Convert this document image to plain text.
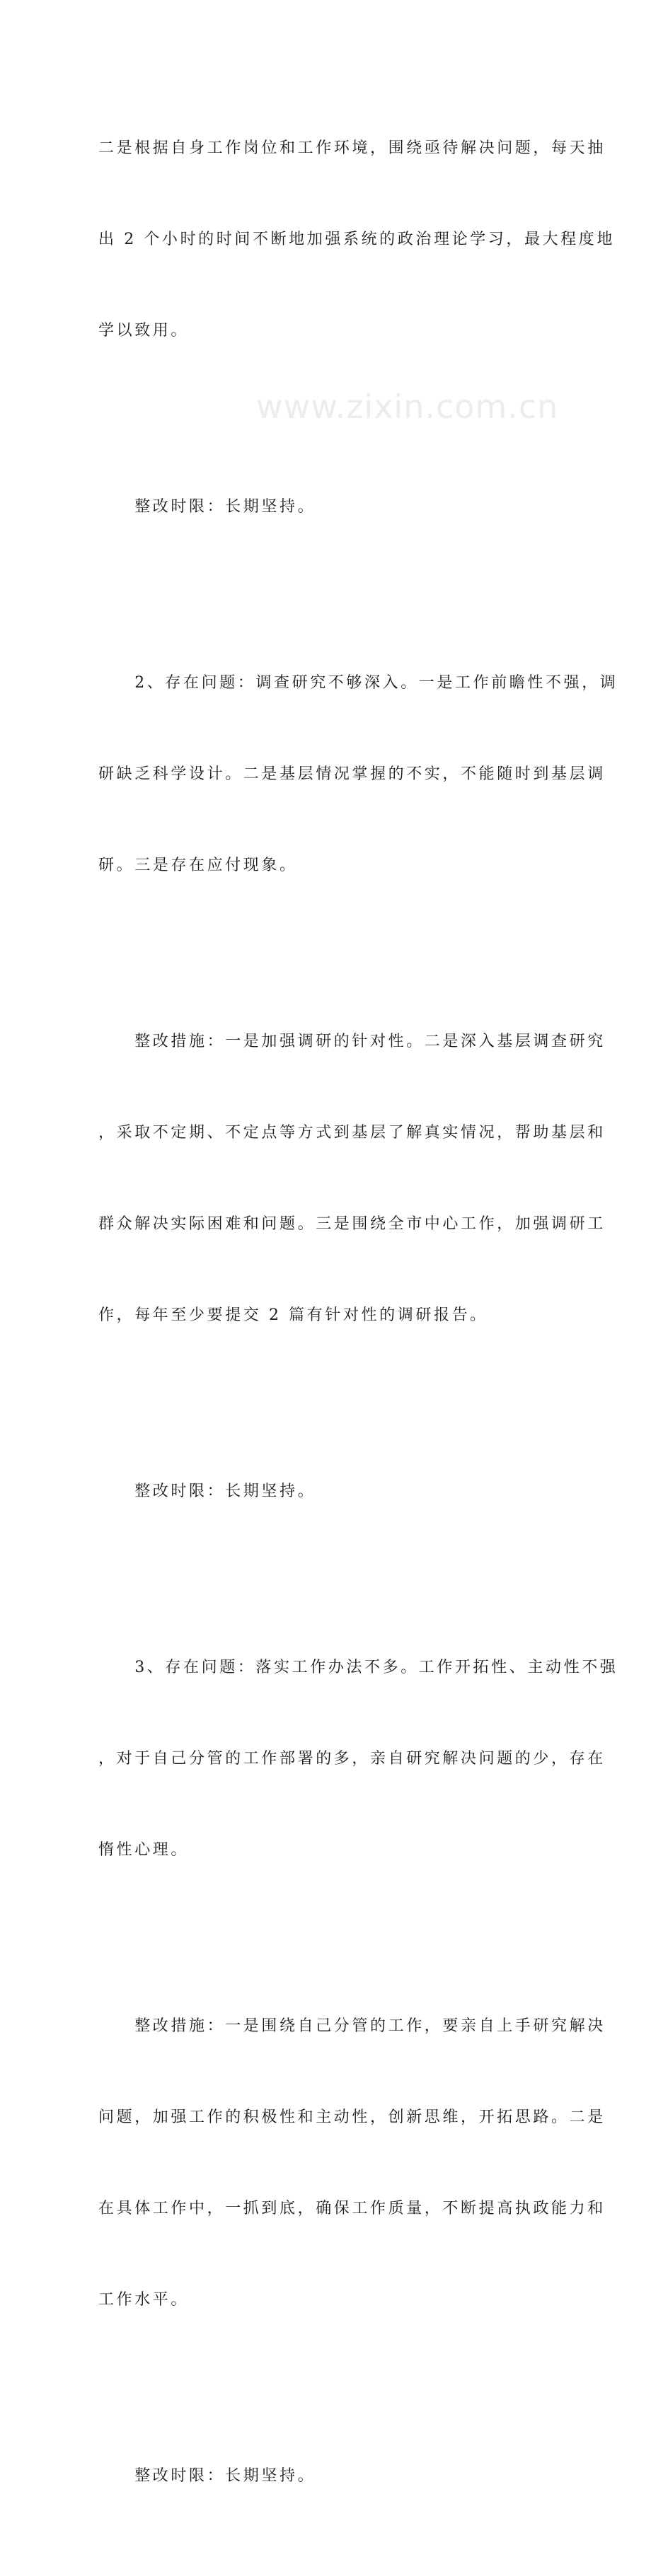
二是根据自身工作岗位和工作环境，围绕亟待解决问题，每天抽

出 2 个小时的时间不断地加强系统的政治理论学习，最大程度地

学以致用。

　　整改时限：长期坚持。

　　2、存在问题：调查研究不够深入。一是工作前瞻性不强，调

研缺乏科学设计。二是基层情况掌握的不实，不能随时到基层调

研。三是存在应付现象。

　　整改措施：一是加强调研的针对性。二是深入基层调查研究

，采取不定期、不定点等方式到基层了解真实情况，帮助基层和

群众解决实际困难和问题。三是围绕全市中心工作，加强调研工

作，每年至少要提交 2 篇有针对性的调研报告。

　　整改时限：长期坚持。

　　3、存在问题：落实工作办法不多。工作开拓性、主动性不强

，对于自己分管的工作部署的多，亲自研究解决问题的少，存在

惰性心理。

　　整改措施：一是围绕自己分管的工作，要亲自上手研究解决

问题，加强工作的积极性和主动性，创新思维，开拓思路。二是

在具体工作中，一抓到底，确保工作质量，不断提高执政能力和

工作水平。

　　整改时限：长期坚持。

www.zixin.com.cn
